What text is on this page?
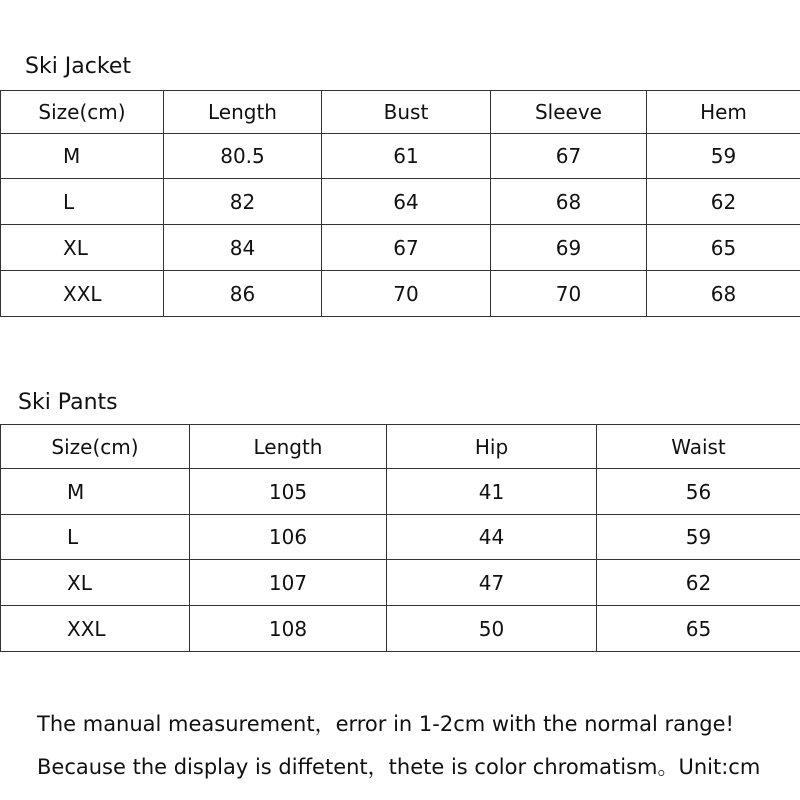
Ski Jacket
Size(cm)	Length	Bust	Sleeve	Hem
M	80.5	61	67	59
L	82	64	68	62
XL	84	67	69	65
XXL	86	70	70	68
Ski Pants
Size(cm)	Length	Hip	Waist
M	105	41	56
L	106	44	59
XL	107	47	62
XXL	108	50	65
The manual measurement，error in 1-2cm with the normal range!
Because the display is diffetent，thete is color chromatism。Unit:cm
